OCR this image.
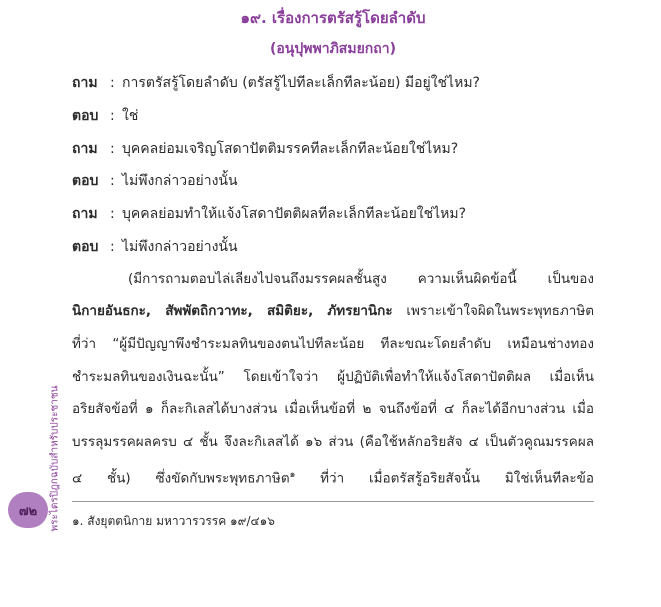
๑๙. เรื่องการตรัสรู้โดยลำดับ
(อนุปุพพาภิสมยกถา)
ถาม : การตรัสรู้โดยลำดับ (ตรัสรู้ไปทีละเล็กทีละน้อย) มีอยู่ใช่ไหม?
ตอบ : ใช่
ถาม : บุคคลย่อมเจริญโสดาปัตติมรรคทีละเล็กทีละน้อยใช่ไหม?
ตอบ : ไม่พึงกล่าวอย่างนั้น
ถาม : บุคคลย่อมทำให้แจ้งโสดาปัตติผลทีละเล็กทีละน้อยใช่ไหม?
ตอบ : ไม่พึงกล่าวอย่างนั้น
(มีการถามตอบไล่เลียงไปจนถึงมรรคผลชั้นสูง ความเห็นผิดข้อนี้ เป็นของ
นิกายอันธกะ, สัพพัตถิกวาทะ, สมิติยะ, ภัทรยานิกะ เพราะเข้าใจผิดในพระพุทธภาษิต
ที่ว่า “ผู้มีปัญญาพึงชำระมลทินของตนไปทีละน้อย ทีละขณะโดยลำดับ เหมือนช่างทอง
ชำระมลทินของเงินฉะนั้น” โดยเข้าใจว่า ผู้ปฏิบัติเพื่อทำให้แจ้งโสดาปัตติผล เมื่อเห็น
อริยสัจข้อที่ ๑ ก็ละกิเลสได้บางส่วน เมื่อเห็นข้อที่ ๒ จนถึงข้อที่ ๔ ก็ละได้อีกบางส่วน เมื่อ
บรรลุมรรคผลครบ ๔ ชั้น จึงละกิเลสได้ ๑๖ ส่วน (คือใช้หลักอริยสัจ ๔ เป็นตัวคูณมรรคผล
๔ ชั้น) ซึ่งขัดกับพระพุทธภาษิต$^๑$ ที่ว่า เมื่อตรัสรู้อริยสัจนั้น มิใช่เห็นทีละข้อ
๑. สังยุตตนิกาย มหาวารวรรค ๑๙/๔๑๖
พระไตรปิฎกฉบับสำหรับประชาชน
๗๒
